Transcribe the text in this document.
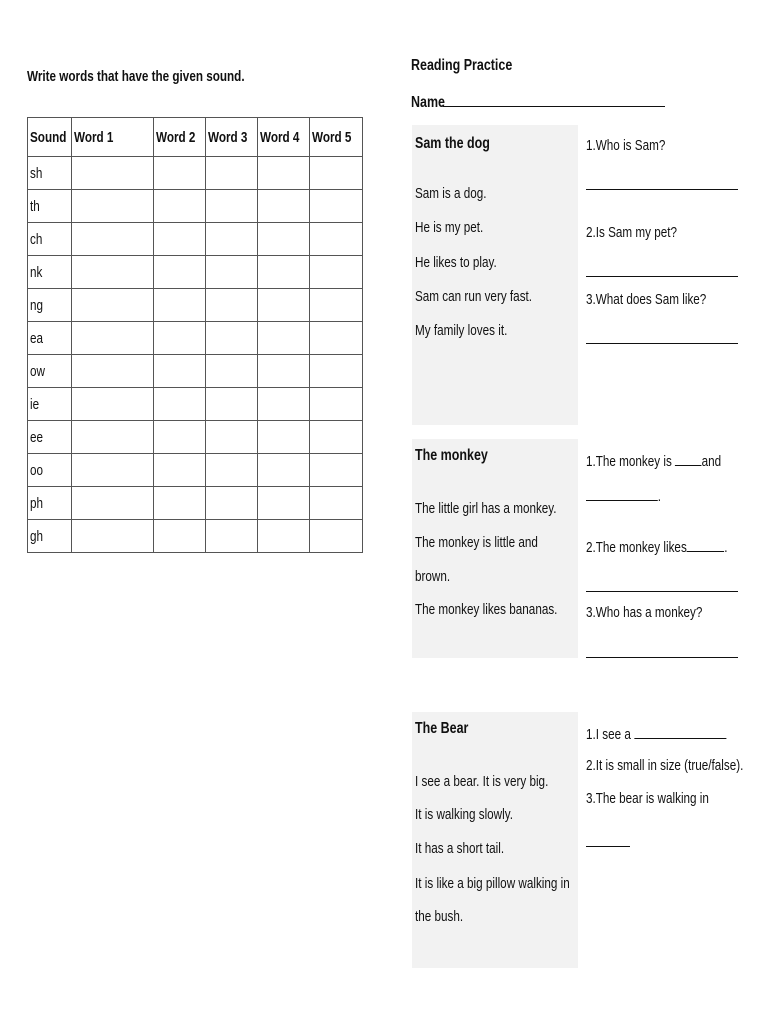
Write words that have the given sound.
Sound	Word 1	Word 2	Word 3	Word 4	Word 5
sh					
th					
ch					
nk					
ng					
ea					
ow					
ie					
ee					
oo					
ph					
gh					
Reading Practice
Name
Sam the dog
Sam is a dog.
He is my pet.
He likes to play.
Sam can run very fast.
My family loves it.
1.Who is Sam?
2.Is Sam my pet?
3.What does Sam like?
The monkey
The little girl has a monkey.
The monkey is little and
brown.
The monkey likes bananas.
1.The monkey is and
.
2.The monkey likes .
3.Who has a monkey?
The Bear
I see a bear. It is very big.
It is walking slowly.
It has a short tail.
It is like a big pillow walking in
the bush.
1.I see a
2.It is small in size (true/false).
3.The bear is walking in
